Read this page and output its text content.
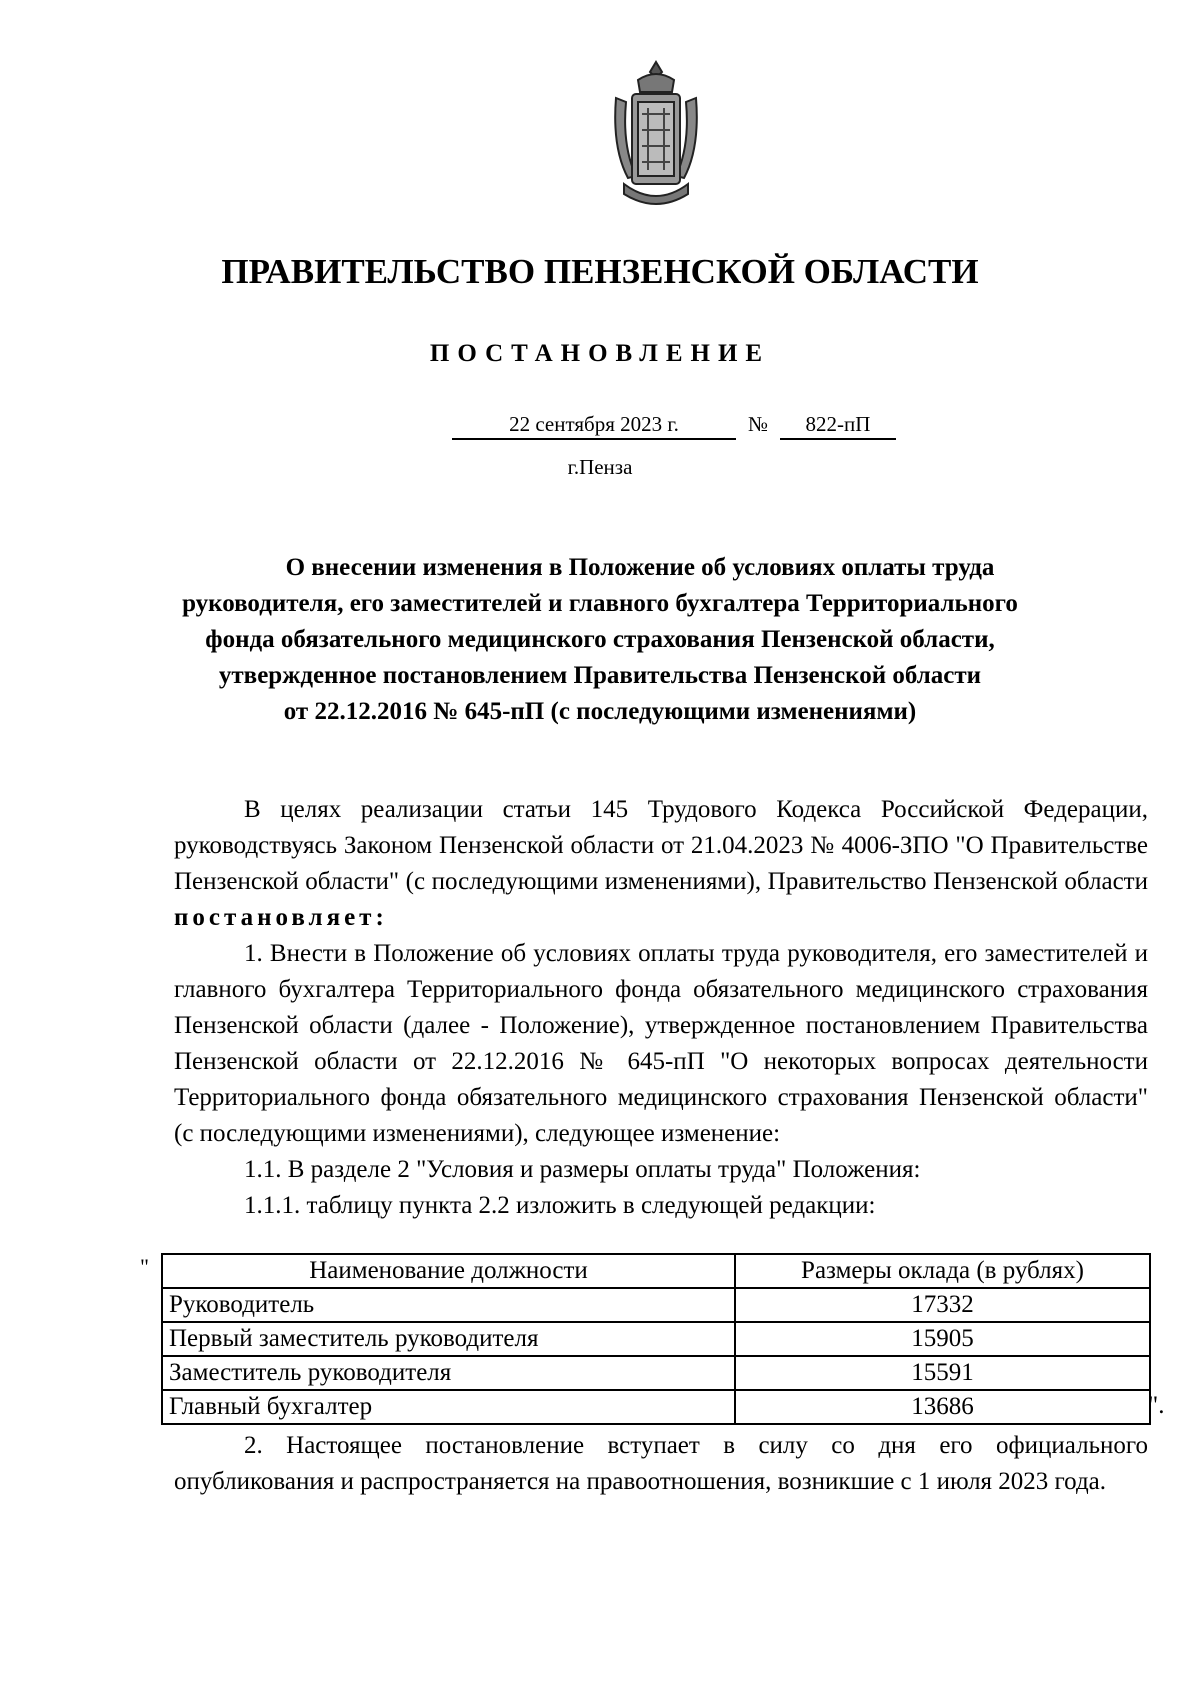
ПРАВИТЕЛЬСТВО ПЕНЗЕНСКОЙ ОБЛАСТИ
ПОСТАНОВЛЕНИЕ
22 сентября 2023 г.	№	822-пП
г.Пенза
О внесении изменения в Положение об условиях оплаты труда
руководителя, его заместителей и главного бухгалтера Территориального
фонда обязательного медицинского страхования Пензенской области,
утвержденное постановлением Правительства Пензенской области
от 22.12.2016 № 645-пП (с последующими изменениями)

В целях реализации статьи 145 Трудового Кодекса Российской Федерации, руководствуясь Законом Пензенской области от 21.04.2023 № 4006-ЗПО "О Правительстве Пензенской области" (с последующими изменениями), Правительство Пензенской области постановляет:

1. Внести в Положение об условиях оплаты труда руководителя, его заместителей и главного бухгалтера Территориального фонда обязательного медицинского страхования Пензенской области (далее - Положение), утвержденное постановлением Правительства Пензенской области от 22.12.2016 № 645-пП "О некоторых вопросах деятельности Территориального фонда обязательного медицинского страхования Пензенской области" (с последующими изменениями), следующее изменение:

1.1. В разделе 2 "Условия и размеры оплаты труда" Положения:

1.1.1. таблицу пункта 2.2 изложить в следующей редакции:

"	Наименование должности	Размеры оклада (в рублях)
Руководитель	17332
Первый заместитель руководителя	15905
Заместитель руководителя	15591
Главный бухгалтер	13686	".

2. Настоящее постановление вступает в силу со дня его официального опубликования и распространяется на правоотношения, возникшие с 1 июля 2023 года.
